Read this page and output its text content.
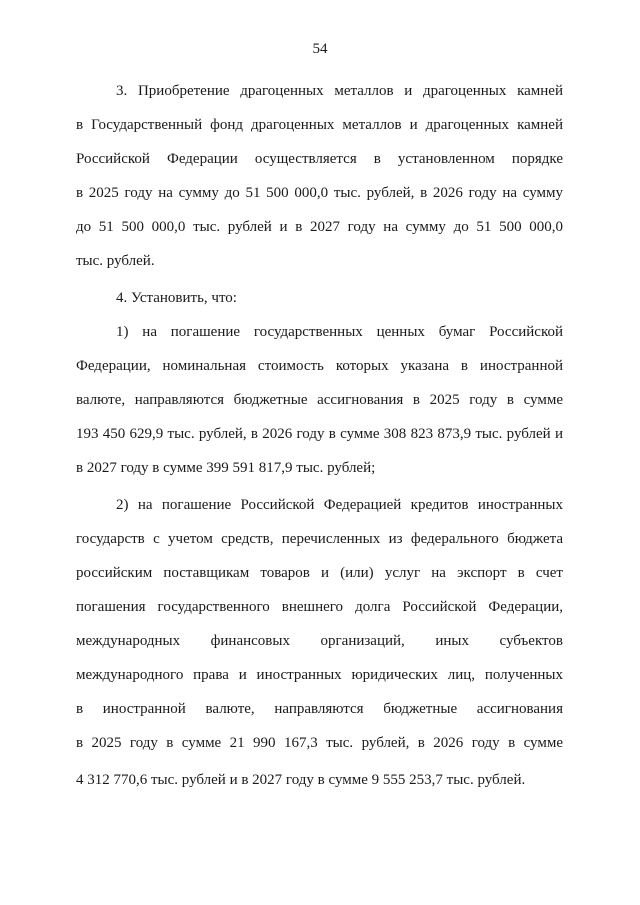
54
3. Приобретение драгоценных металлов и драгоценных камней
в Государственный фонд драгоценных металлов и драгоценных камней
Российской Федерации осуществляется в установленном порядке
в 2025 году на сумму до 51 500 000,0 тыс. рублей, в 2026 году на сумму
до 51 500 000,0 тыс. рублей и в 2027 году на сумму до 51 500 000,0
тыс. рублей.
4. Установить, что:
1) на погашение государственных ценных бумаг Российской
Федерации, номинальная стоимость которых указана в иностранной
валюте, направляются бюджетные ассигнования в 2025 году в сумме
193 450 629,9 тыс. рублей, в 2026 году в сумме 308 823 873,9 тыс. рублей и
в 2027 году в сумме 399 591 817,9 тыс. рублей;
2) на погашение Российской Федерацией кредитов иностранных
государств с учетом средств, перечисленных из федерального бюджета
российским поставщикам товаров и (или) услуг на экспорт в счет
погашения государственного внешнего долга Российской Федерации,
международных финансовых организаций, иных субъектов
международного права и иностранных юридических лиц, полученных
в иностранной валюте, направляются бюджетные ассигнования
в 2025 году в сумме 21 990 167,3 тыс. рублей, в 2026 году в сумме
4 312 770,6 тыс. рублей и в 2027 году в сумме 9 555 253,7 тыс. рублей.
